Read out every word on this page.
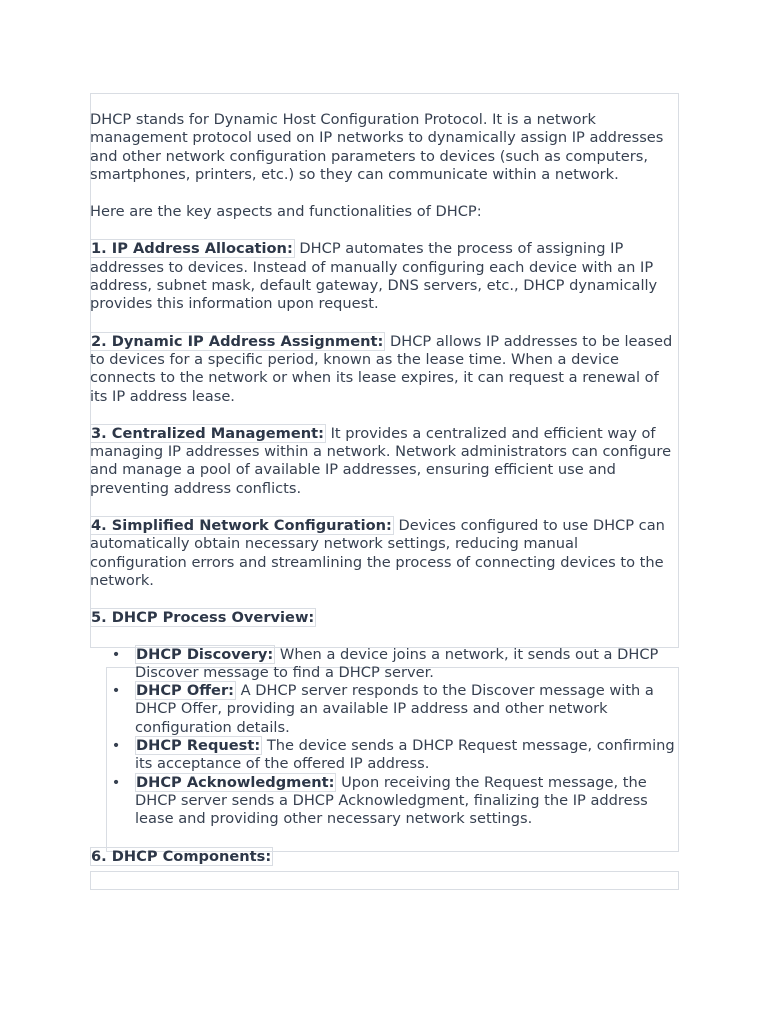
DHCP stands for Dynamic Host Configuration Protocol. It is a network management protocol used on IP networks to dynamically assign IP addresses and other network configuration parameters to devices (such as computers, smartphones, printers, etc.) so they can communicate within a network.

Here are the key aspects and functionalities of DHCP:

1. IP Address Allocation: DHCP automates the process of assigning IP addresses to devices. Instead of manually configuring each device with an IP address, subnet mask, default gateway, DNS servers, etc., DHCP dynamically provides this information upon request.

2. Dynamic IP Address Assignment: DHCP allows IP addresses to be leased to devices for a specific period, known as the lease time. When a device connects to the network or when its lease expires, it can request a renewal of its IP address lease.

3. Centralized Management: It provides a centralized and efficient way of managing IP addresses within a network. Network administrators can configure and manage a pool of available IP addresses, ensuring efficient use and preventing address conflicts.

4. Simplified Network Configuration: Devices configured to use DHCP can automatically obtain necessary network settings, reducing manual configuration errors and streamlining the process of connecting devices to the network.

5. DHCP Process Overview:

• DHCP Discovery: When a device joins a network, it sends out a DHCP Discover message to find a DHCP server.
• DHCP Offer: A DHCP server responds to the Discover message with a DHCP Offer, providing an available IP address and other network configuration details.
• DHCP Request: The device sends a DHCP Request message, confirming its acceptance of the offered IP address.
• DHCP Acknowledgment: Upon receiving the Request message, the DHCP server sends a DHCP Acknowledgment, finalizing the IP address lease and providing other necessary network settings.

6. DHCP Components:
